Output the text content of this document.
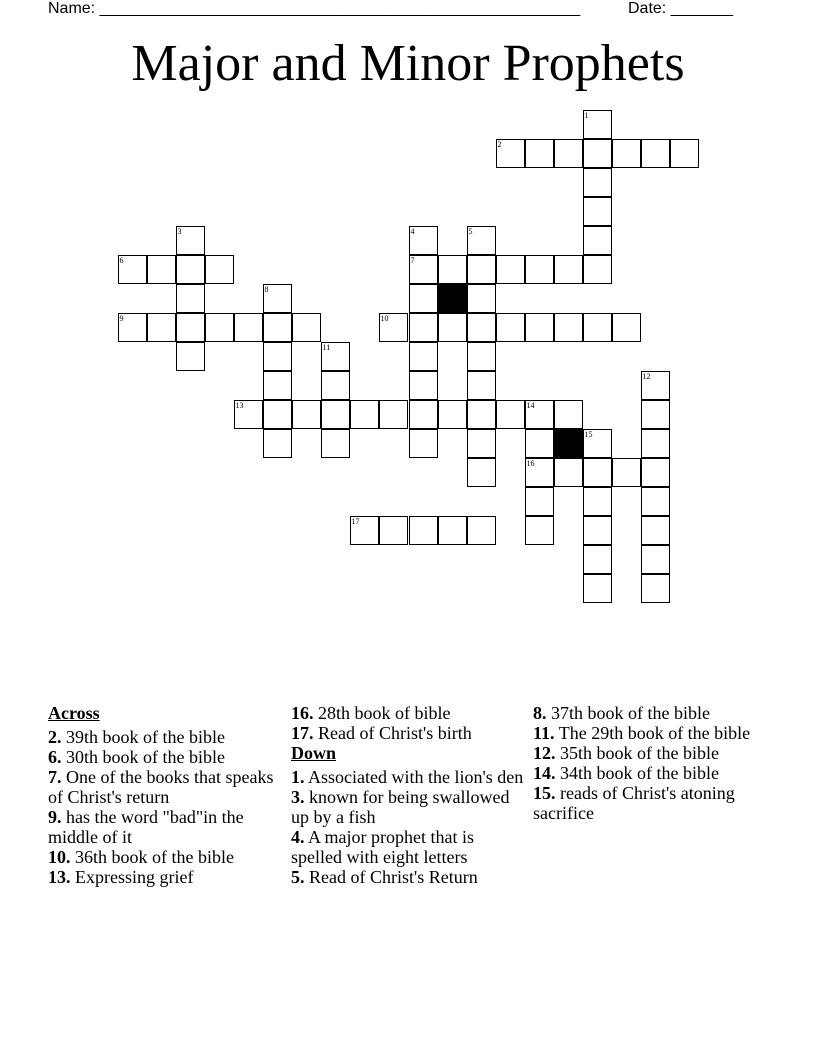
Name: ______________________________________________________	Date: _______
Major and Minor Prophets
1
2
3	4	5
6	7
8
9	10
11
12
13	14
15
16
17
Across
2. 39th book of the bible
6. 30th book of the bible
7. One of the books that speaks of Christ's return
9. has the word "bad"in the middle of it
10. 36th book of the bible
13. Expressing grief
16. 28th book of bible
17. Read of Christ's birth
Down
1. Associated with the lion's den
3. known for being swallowed up by a fish
4. A major prophet that is spelled with eight letters
5. Read of Christ's Return
8. 37th book of the bible
11. The 29th book of the bible
12. 35th book of the bible
14. 34th book of the bible
15. reads of Christ's atoning sacrifice
